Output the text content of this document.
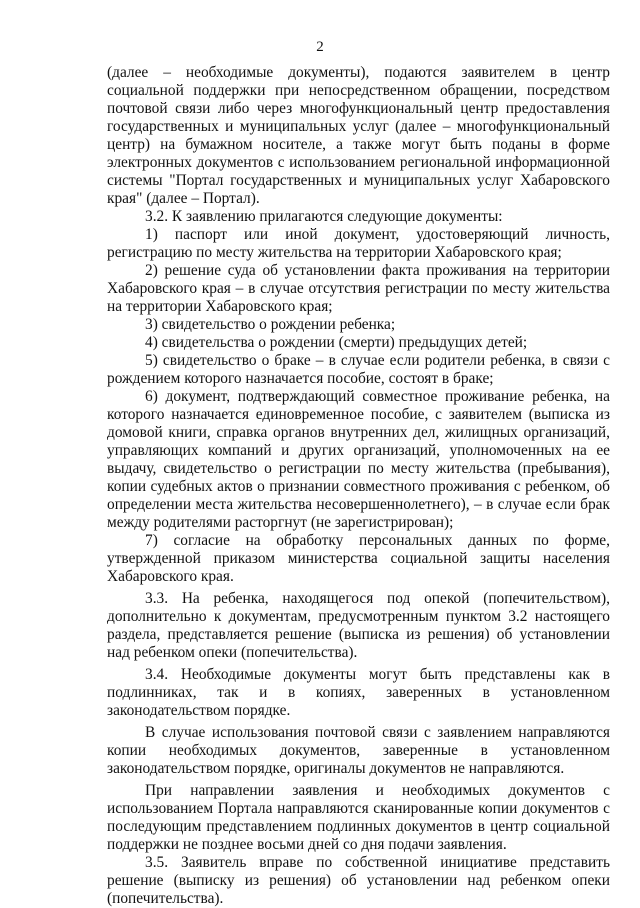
2

(далее – необходимые документы), подаются заявителем в центр социальной поддержки при непосредственном обращении, посредством почтовой связи либо через многофункциональный центр предоставления государственных и муниципальных услуг (далее – многофункциональный центр) на бумажном носителе, а также могут быть поданы в форме электронных документов с использованием региональной информационной системы "Портал государственных и муниципальных услуг Хабаровского края" (далее – Портал).

3.2. К заявлению прилагаются следующие документы:

1) паспорт или иной документ, удостоверяющий личность, регистрацию по месту жительства на территории Хабаровского края;

2) решение суда об установлении факта проживания на территории Хабаровского края – в случае отсутствия регистрации по месту жительства на территории Хабаровского края;

3) свидетельство о рождении ребенка;

4) свидетельства о рождении (смерти) предыдущих детей;

5) свидетельство о браке – в случае если родители ребенка, в связи с рождением которого назначается пособие, состоят в браке;

6) документ, подтверждающий совместное проживание ребенка, на которого назначается единовременное пособие, с заявителем (выписка из домовой книги, справка органов внутренних дел, жилищных организаций, управляющих компаний и других организаций, уполномоченных на ее выдачу, свидетельство о регистрации по месту жительства (пребывания), копии судебных актов о признании совместного проживания с ребенком, об определении места жительства несовершеннолетнего), – в случае если брак между родителями расторгнут (не зарегистрирован);

7) согласие на обработку персональных данных по форме, утвержденной приказом министерства социальной защиты населения Хабаровского края.

3.3. На ребенка, находящегося под опекой (попечительством), дополнительно к документам, предусмотренным пунктом 3.2 настоящего раздела, представляется решение (выписка из решения) об установлении над ребенком опеки (попечительства).

3.4. Необходимые документы могут быть представлены как в подлинниках, так и в копиях, заверенных в установленном законодательством порядке.

В случае использования почтовой связи с заявлением направляются копии необходимых документов, заверенные в установленном законодательством порядке, оригиналы документов не направляются.

При направлении заявления и необходимых документов с использованием Портала направляются сканированные копии документов с последующим представлением подлинных документов в центр социальной поддержки не позднее восьми дней со дня подачи заявления.

3.5. Заявитель вправе по собственной инициативе представить решение (выписку из решения) об установлении над ребенком опеки (попечительства).
